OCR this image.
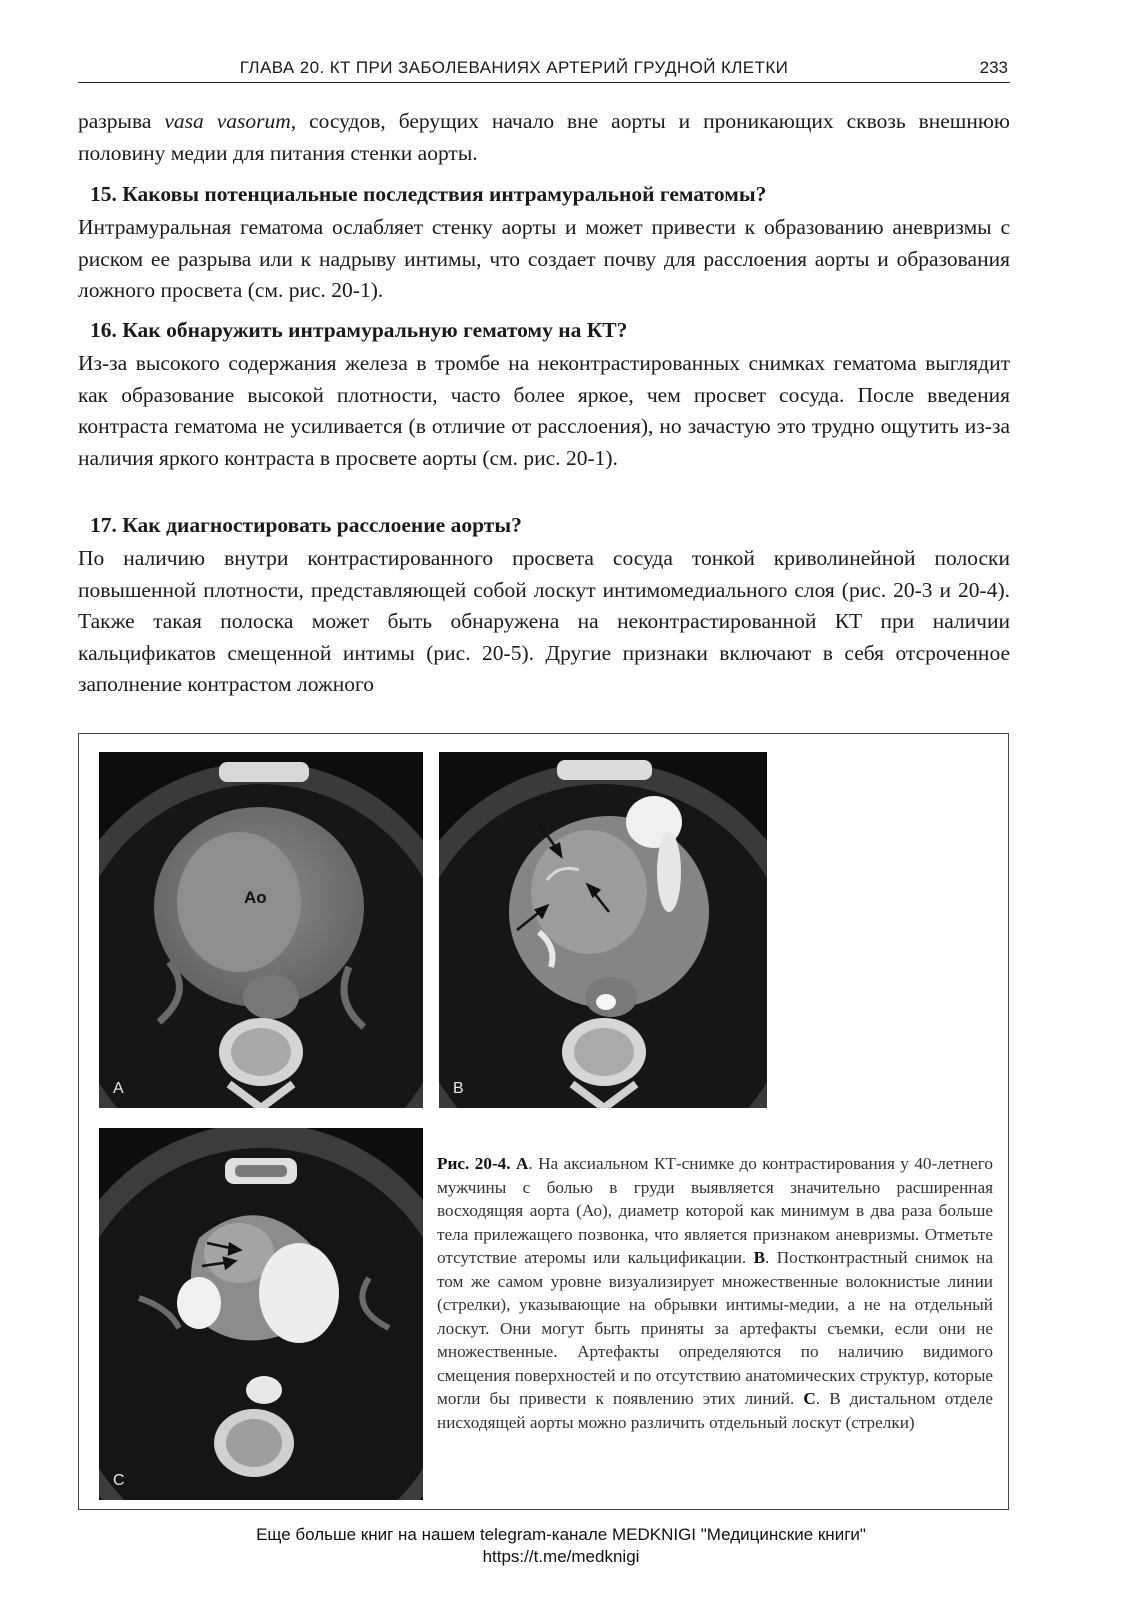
ГЛАВА 20. КТ ПРИ ЗАБОЛЕВАНИЯХ АРТЕРИЙ ГРУДНОЙ КЛЕТКИ	233

разрыва vasa vasorum, сосудов, берущих начало вне аорты и проникающих сквозь внешнюю половину медии для питания стенки аорты.

15. Каковы потенциальные последствия интрамуральной гематомы?

Интрамуральная гематома ослабляет стенку аорты и может привести к образованию аневризмы с риском ее разрыва или к надрыву интимы, что создает почву для расслоения аорты и образования ложного просвета (см. рис. 20-1).

16. Как обнаружить интрамуральную гематому на КТ?

Из-за высокого содержания железа в тромбе на неконтрастированных снимках гематома выглядит как образование высокой плотности, часто более яркое, чем просвет сосуда. После введения контраста гематома не усиливается (в отличие от расслоения), но зачастую это трудно ощутить из-за наличия яркого контраста в просвете аорты (см. рис. 20-1).

17. Как диагностировать расслоение аорты?

По наличию внутри контрастированного просвета сосуда тонкой криволинейной полоски повышенной плотности, представляющей собой лоскут интимомедиального слоя (рис. 20-3 и 20-4). Также такая полоска может быть обнаружена на неконтрастированной КТ при наличии кальцификатов смещенной интимы (рис. 20-5). Другие признаки включают в себя отсроченное заполнение контрастом ложного

Ao
A	B
C

Рис. 20-4. А. На аксиальном КТ-снимке до контрастирования у 40-летнего мужчины с болью в груди выявляется значительно расширенная восходящяя аорта (Ао), диаметр которой как минимум в два раза больше тела прилежащего позвонка, что является признаком аневризмы. Отметьте отсутствие атеромы или кальцификации. В. Постконтрастный снимок на том же самом уровне визуализирует множественные волокнистые линии (стрелки), указывающие на обрывки интимы-медии, а не на отдельный лоскут. Они могут быть приняты за артефакты съемки, если они не множественные. Артефакты определяются по наличию видимого смещения поверхностей и по отсутствию анатомических структур, которые могли бы привести к появлению этих линий. С. В дистальном отделе нисходящей аорты можно различить отдельный лоскут (стрелки)

Еще больше книг на нашем telegram-канале MEDKNIGI "Медицинские книги"
https://t.me/medknigi
